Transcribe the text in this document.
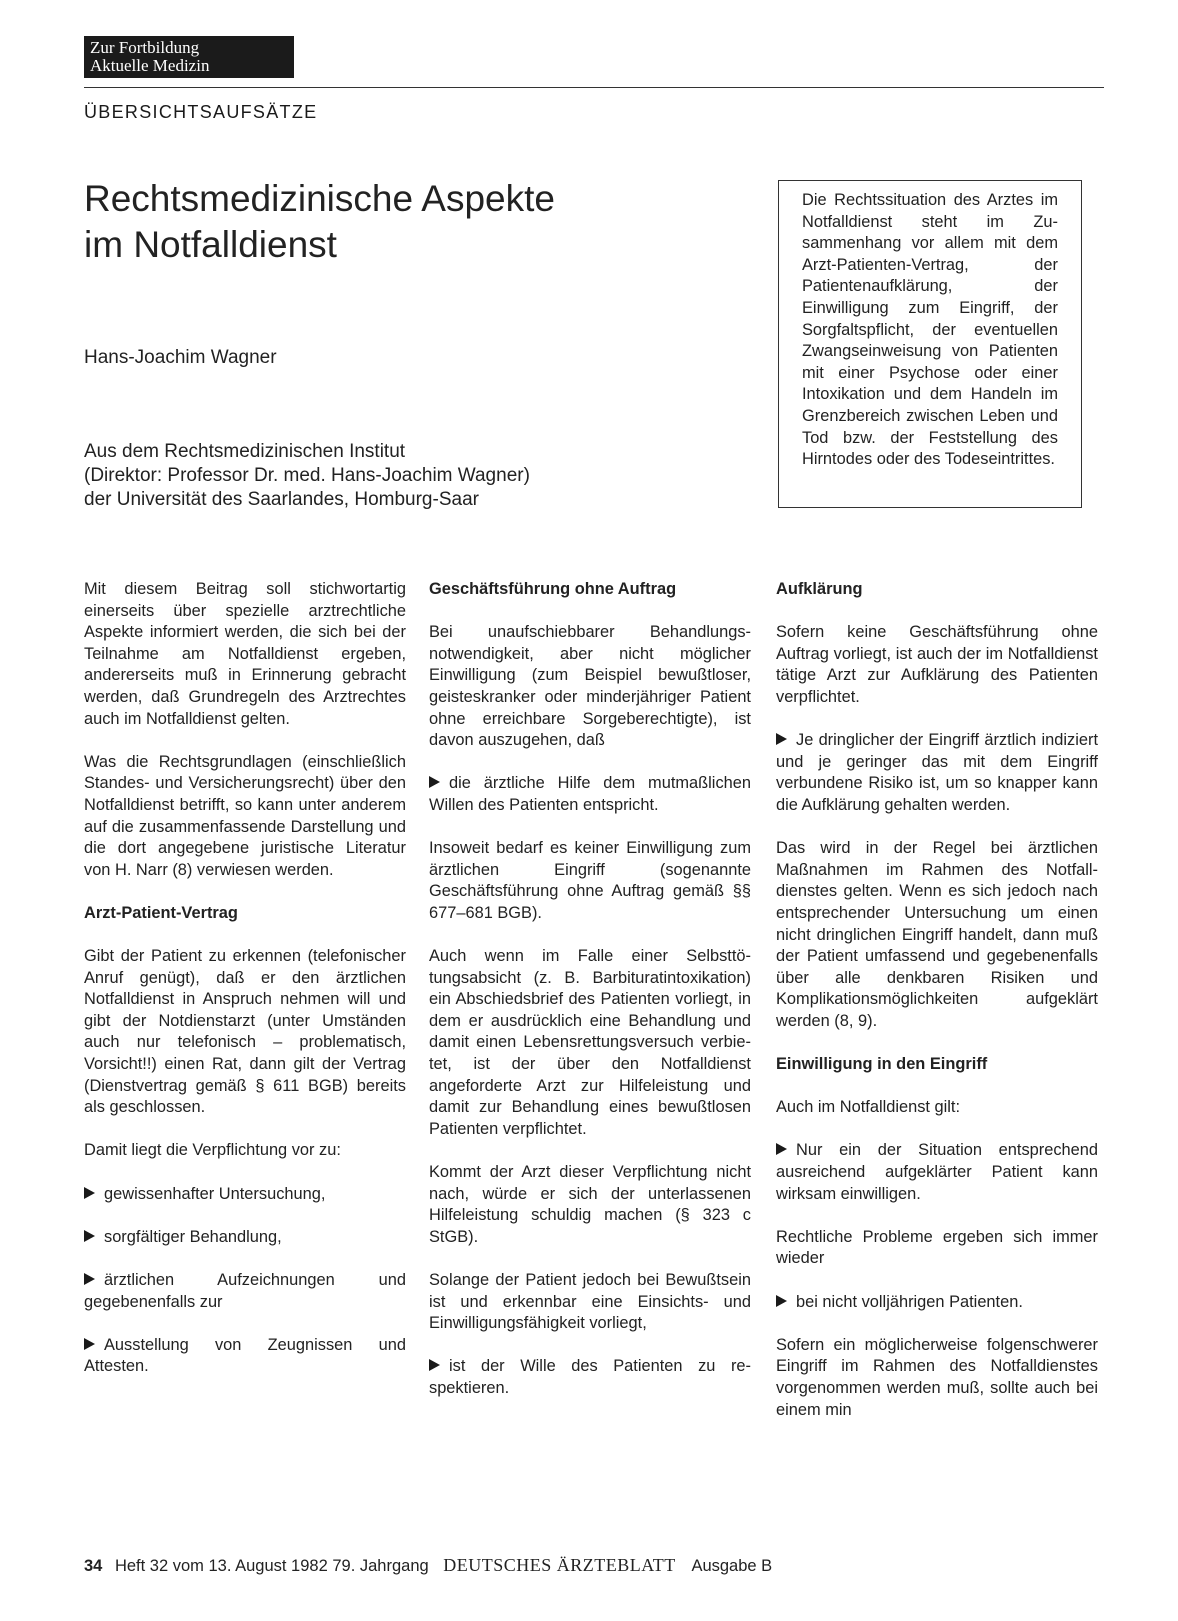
Zur Fortbildung
Aktuelle Medizin
ÜBERSICHTSAUFSÄTZE
Rechtsmedizinische Aspekte
im Notfalldienst
Hans-Joachim Wagner
Aus dem Rechtsmedizinischen Institut
(Direktor: Professor Dr. med. Hans-Joachim Wagner)
der Universität des Saarlandes, Homburg-Saar
Die Rechtssituation des Arztes im Notfalldienst steht im Zusammenhang vor allem mit dem Arzt-Patienten-Vertrag, der Patientenaufklärung, der Einwilligung zum Eingriff, der Sorgfaltspflicht, der eventuellen Zwangseinweisung von Patienten mit einer Psychose oder einer Intoxikation und dem Handeln im Grenzbereich zwischen Leben und Tod bzw. der Feststellung des Hirntodes oder des Todeseintrittes.

Mit diesem Beitrag soll stichwortartig einerseits über spezielle arztrechtliche Aspekte informiert werden, die sich bei der Teilnahme am Notfalldienst ergeben, andererseits muß in Erinnerung gebracht werden, daß Grundregeln des Arztrechtes auch im Notfalldienst gelten.

Was die Rechtsgrundlagen (einschließlich Standes- und Versicherungsrecht) über den Notfalldienst betrifft, so kann unter anderem auf die zusammenfassende Darstellung und die dort angegebene juristische Literatur von H. Narr (8) verwiesen werden.

Arzt-Patient-Vertrag

Gibt der Patient zu erkennen (telefonischer Anruf genügt), daß er den ärztlichen Notfalldienst in Anspruch nehmen will und gibt der Notdienstarzt (unter Umständen auch nur telefonisch – problematisch, Vorsicht!!) einen Rat, dann gilt der Vertrag (Dienstvertrag gemäß § 611 BGB) bereits als geschlossen.

Damit liegt die Verpflichtung vor zu:

gewissenhafter Untersuchung,

sorgfältiger Behandlung,

ärztlichen Aufzeichnungen und gegebenenfalls zur

Ausstellung von Zeugnissen und Attesten.

Geschäftsführung ohne Auftrag

Bei unaufschiebbarer Behandlungsnotwendigkeit, aber nicht möglicher Einwilligung (zum Beispiel bewußtloser, geisteskranker oder minderjähriger Patient ohne erreichbare Sorgeberechtigte), ist davon auszugehen, daß

die ärztliche Hilfe dem mutmaßlichen Willen des Patienten entspricht.

Insoweit bedarf es keiner Einwilligung zum ärztlichen Eingriff (sogenannte Geschäftsführung ohne Auftrag gemäß §§ 677–681 BGB).

Auch wenn im Falle einer Selbsttötungsabsicht (z. B. Barbituratintoxikation) ein Abschiedsbrief des Patienten vorliegt, in dem er ausdrücklich eine Behandlung und damit einen Lebensrettungsversuch verbietet, ist der über den Notfalldienst angeforderte Arzt zur Hilfeleistung und damit zur Behandlung eines bewußtlosen Patienten verpflichtet.

Kommt der Arzt dieser Verpflichtung nicht nach, würde er sich der unterlassenen Hilfeleistung schuldig machen (§ 323 c StGB).

Solange der Patient jedoch bei Bewußtsein ist und erkennbar eine Einsichts- und Einwilligungsfähigkeit vorliegt,

ist der Wille des Patienten zu respektieren.

Aufklärung

Sofern keine Geschäftsführung ohne Auftrag vorliegt, ist auch der im Notfalldienst tätige Arzt zur Aufklärung des Patienten verpflichtet.

Je dringlicher der Eingriff ärztlich indiziert und je geringer das mit dem Eingriff verbundene Risiko ist, um so knapper kann die Aufklärung gehalten werden.

Das wird in der Regel bei ärztlichen Maßnahmen im Rahmen des Notfalldienstes gelten. Wenn es sich jedoch nach entsprechender Untersuchung um einen nicht dringlichen Eingriff handelt, dann muß der Patient umfassend und gegebenenfalls über alle denkbaren Risiken und Komplikationsmöglichkeiten aufgeklärt werden (8, 9).

Einwilligung in den Eingriff

Auch im Notfalldienst gilt:

Nur ein der Situation entsprechend ausreichend aufgeklärter Patient kann wirksam einwilligen.

Rechtliche Probleme ergeben sich immer wieder

bei nicht volljährigen Patienten.

Sofern ein möglicherweise folgenschwerer Eingriff im Rahmen des Notfalldienstes vorgenommen werden muß, sollte auch bei einem min

34 Heft 32 vom 13. August 1982 79. Jahrgang DEUTSCHES ÄRZTEBLATT Ausgabe B
